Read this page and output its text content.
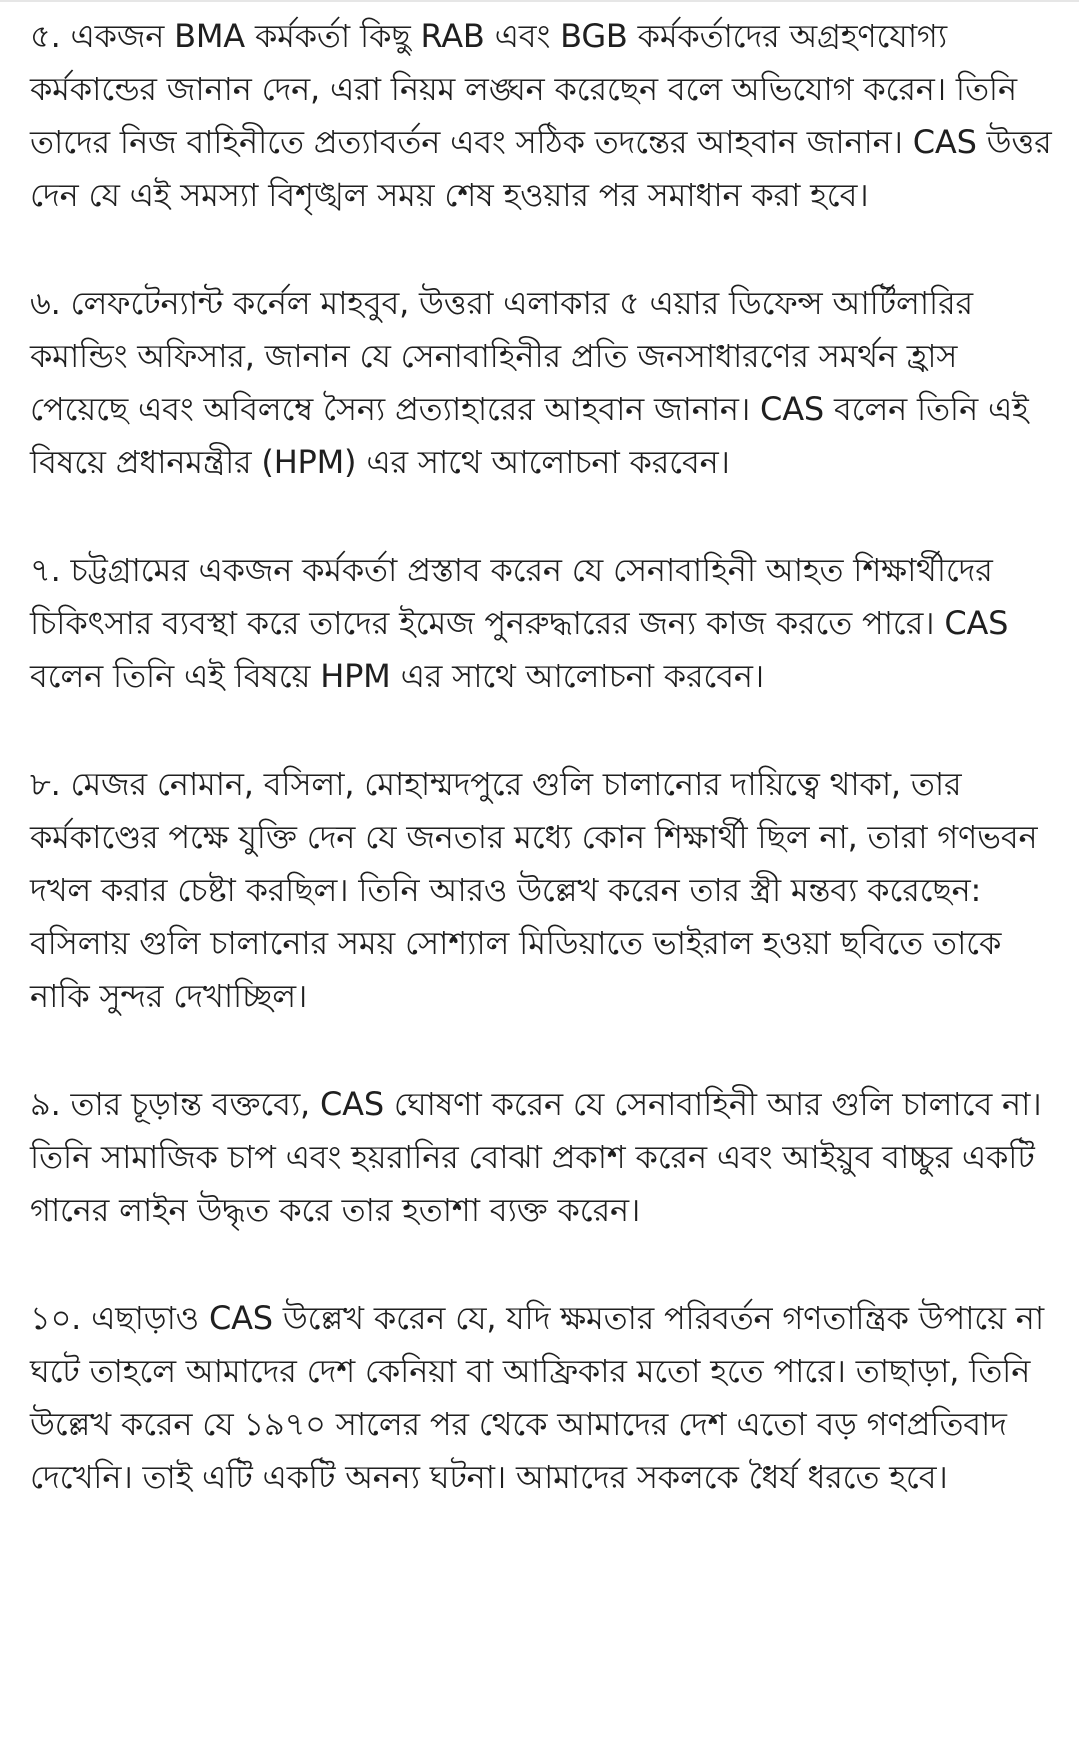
৫. একজন BMA কর্মকর্তা কিছু RAB এবং BGB কর্মকর্তাদের অগ্রহণযোগ্য কর্মকান্ডের জানান দেন, এরা নিয়ম লঙ্ঘন করেছেন বলে অভিযোগ করেন। তিনি তাদের নিজ বাহিনীতে প্রত্যাবর্তন এবং সঠিক তদন্তের আহবান জানান। CAS উত্তর দেন যে এই সমস্যা বিশৃঙ্খল সময় শেষ হওয়ার পর সমাধান করা হবে।

৬. লেফটেন্যান্ট কর্নেল মাহবুব, উত্তরা এলাকার ৫ এয়ার ডিফেন্স আর্টিলারির কমান্ডিং অফিসার, জানান যে সেনাবাহিনীর প্রতি জনসাধারণের সমর্থন হ্রাস পেয়েছে এবং অবিলম্বে সৈন্য প্রত্যাহারের আহবান জানান। CAS বলেন তিনি এই বিষয়ে প্রধানমন্ত্রীর (HPM) এর সাথে আলোচনা করবেন।

৭. চট্টগ্রামের একজন কর্মকর্তা প্রস্তাব করেন যে সেনাবাহিনী আহত শিক্ষার্থীদের চিকিৎসার ব্যবস্থা করে তাদের ইমেজ পুনরুদ্ধারের জন্য কাজ করতে পারে। CAS বলেন তিনি এই বিষয়ে HPM এর সাথে আলোচনা করবেন।

৮. মেজর নোমান, বসিলা, মোহাম্মদপুরে গুলি চালানোর দায়িত্বে থাকা, তার কর্মকাণ্ডের পক্ষে যুক্তি দেন যে জনতার মধ্যে কোন শিক্ষার্থী ছিল না, তারা গণভবন দখল করার চেষ্টা করছিল। তিনি আরও উল্লেখ করেন তার স্ত্রী মন্তব্য করেছেন: বসিলায় গুলি চালানোর সময় সোশ্যাল মিডিয়াতে ভাইরাল হওয়া ছবিতে তাকে নাকি সুন্দর দেখাচ্ছিল।

৯. তার চূড়ান্ত বক্তব্যে, CAS ঘোষণা করেন যে সেনাবাহিনী আর গুলি চালাবে না। তিনি সামাজিক চাপ এবং হয়রানির বোঝা প্রকাশ করেন এবং আইয়ুব বাচ্চুর একটি গানের লাইন উদ্ধৃত করে তার হতাশা ব্যক্ত করেন।

১০. এছাড়াও CAS উল্লেখ করেন যে, যদি ক্ষমতার পরিবর্তন গণতান্ত্রিক উপায়ে না ঘটে তাহলে আমাদের দেশ কেনিয়া বা আফ্রিকার মতো হতে পারে। তাছাড়া, তিনি উল্লেখ করেন যে ১৯৭০ সালের পর থেকে আমাদের দেশ এতো বড় গণপ্রতিবাদ দেখেনি। তাই এটি একটি অনন্য ঘটনা। আমাদের সকলকে ধৈর্য ধরতে হবে।
